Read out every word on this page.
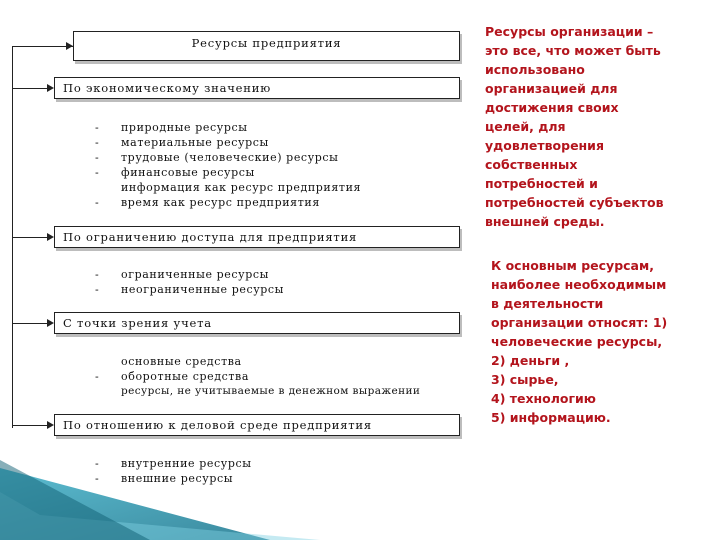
Ресурсы предприятия
По экономическому значению
- природные ресурсы
- материальные ресурсы
- трудовые (человеческие) ресурсы
- финансовые ресурсы
информация как ресурс предприятия
- время как ресурс предприятия
По ограничению доступа для предприятия
- ограниченные ресурсы
- неограниченные ресурсы
С точки зрения учета
основные средства
- оборотные средства
ресурсы, не учитываемые в денежном выражении
По отношению к деловой среде предприятия
- внутренние ресурсы
- внешние ресурсы
Ресурсы организации –
это все, что может быть
использовано
организацией для
достижения своих
целей, для
удовлетворения
собственных
потребностей и
потребностей субъектов
внешней среды.
К основным ресурсам,
наиболее необходимым
в деятельности
организации относят: 1)
человеческие ресурсы,
2) деньги ,
3) сырье,
4) технологию
5) информацию.
